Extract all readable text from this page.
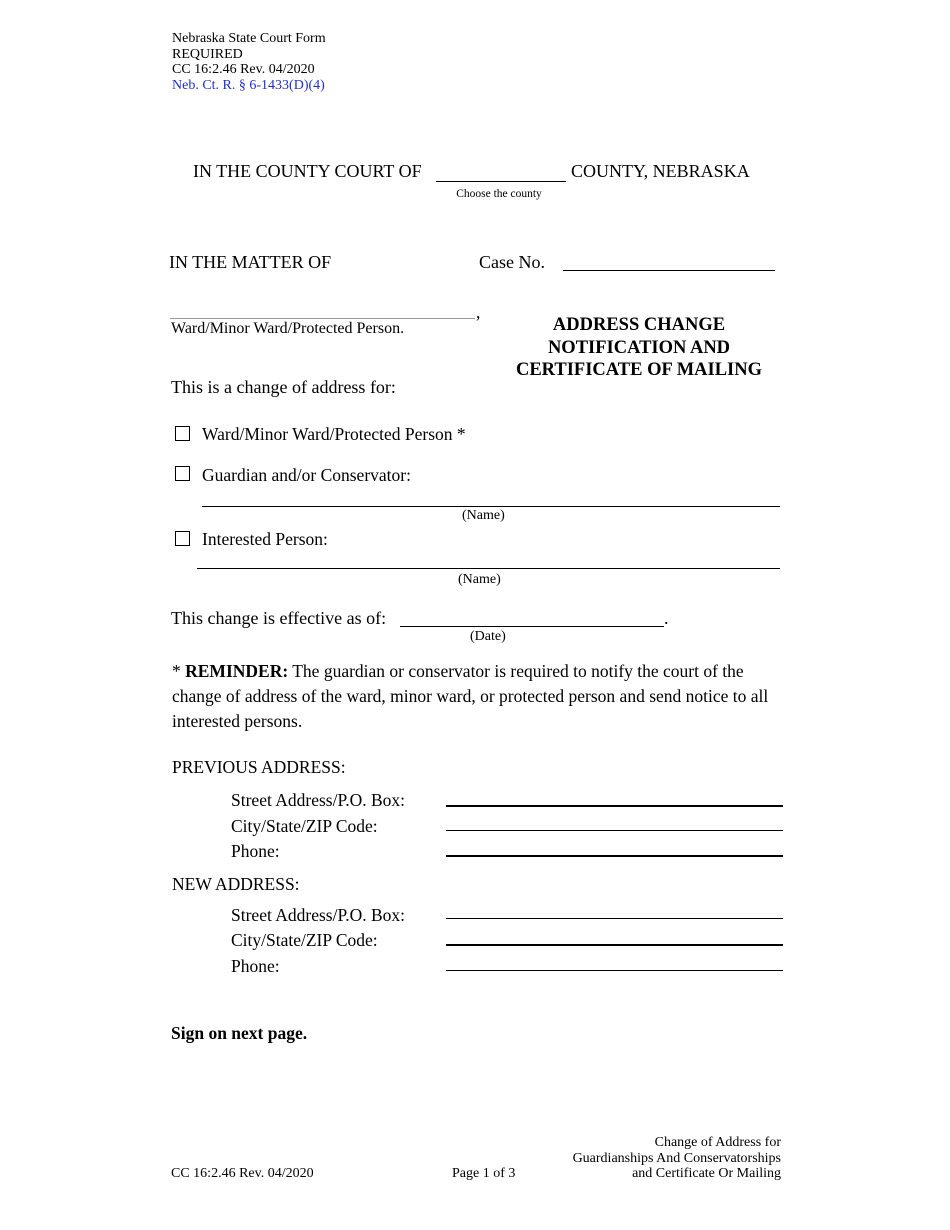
Nebraska State Court Form
REQUIRED
CC 16:2.46 Rev. 04/2020
Neb. Ct. R. § 6-1433(D)(4)
IN THE COUNTY COURT OF	COUNTY, NEBRASKA
Choose the county
IN THE MATTER OF	Case No.
,
Ward/Minor Ward/Protected Person.	ADDRESS CHANGE
NOTIFICATION AND
CERTIFICATE OF MAILING
This is a change of address for:
Ward/Minor Ward/Protected Person *
Guardian and/or Conservator:
(Name)
Interested Person:
(Name)
This change is effective as of:	.
(Date)
* REMINDER: The guardian or conservator is required to notify the court of the change of address of the ward, minor ward, or protected person and send notice to all interested persons.
PREVIOUS ADDRESS:
Street Address/P.O. Box:
City/State/ZIP Code:
Phone:
NEW ADDRESS:
Street Address/P.O. Box:
City/State/ZIP Code:
Phone:
Sign on next page.
Change of Address for
Guardianships And Conservatorships
and Certificate Or Mailing
CC 16:2.46 Rev. 04/2020	Page 1 of 3
